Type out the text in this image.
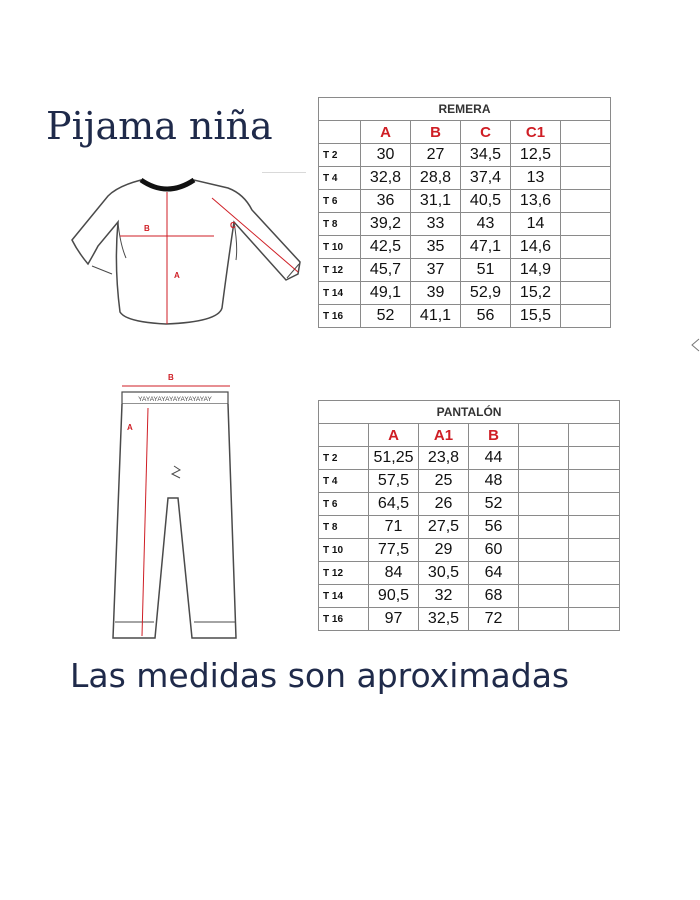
Pijama niña
B
A
C
B
YAYAYAYAYAYAYAYAYAY
A
REMERA					
	A	B	C	C1	
T 2	30	27	34,5	12,5	
T 4	32,8	28,8	37,4	13	
T 6	36	31,1	40,5	13,6	
T 8	39,2	33	43	14	
T 10	42,5	35	47,1	14,6	
T 12	45,7	37	51	14,9	
T 14	49,1	39	52,9	15,2	
T 16	52	41,1	56	15,5	
PANTALÓN					
	A	A1	B		
T 2	51,25	23,8	44		
T 4	57,5	25	48		
T 6	64,5	26	52		
T 8	71	27,5	56		
T 10	77,5	29	60		
T 12	84	30,5	64		
T 14	90,5	32	68		
T 16	97	32,5	72		

Las medidas son aproximadas
